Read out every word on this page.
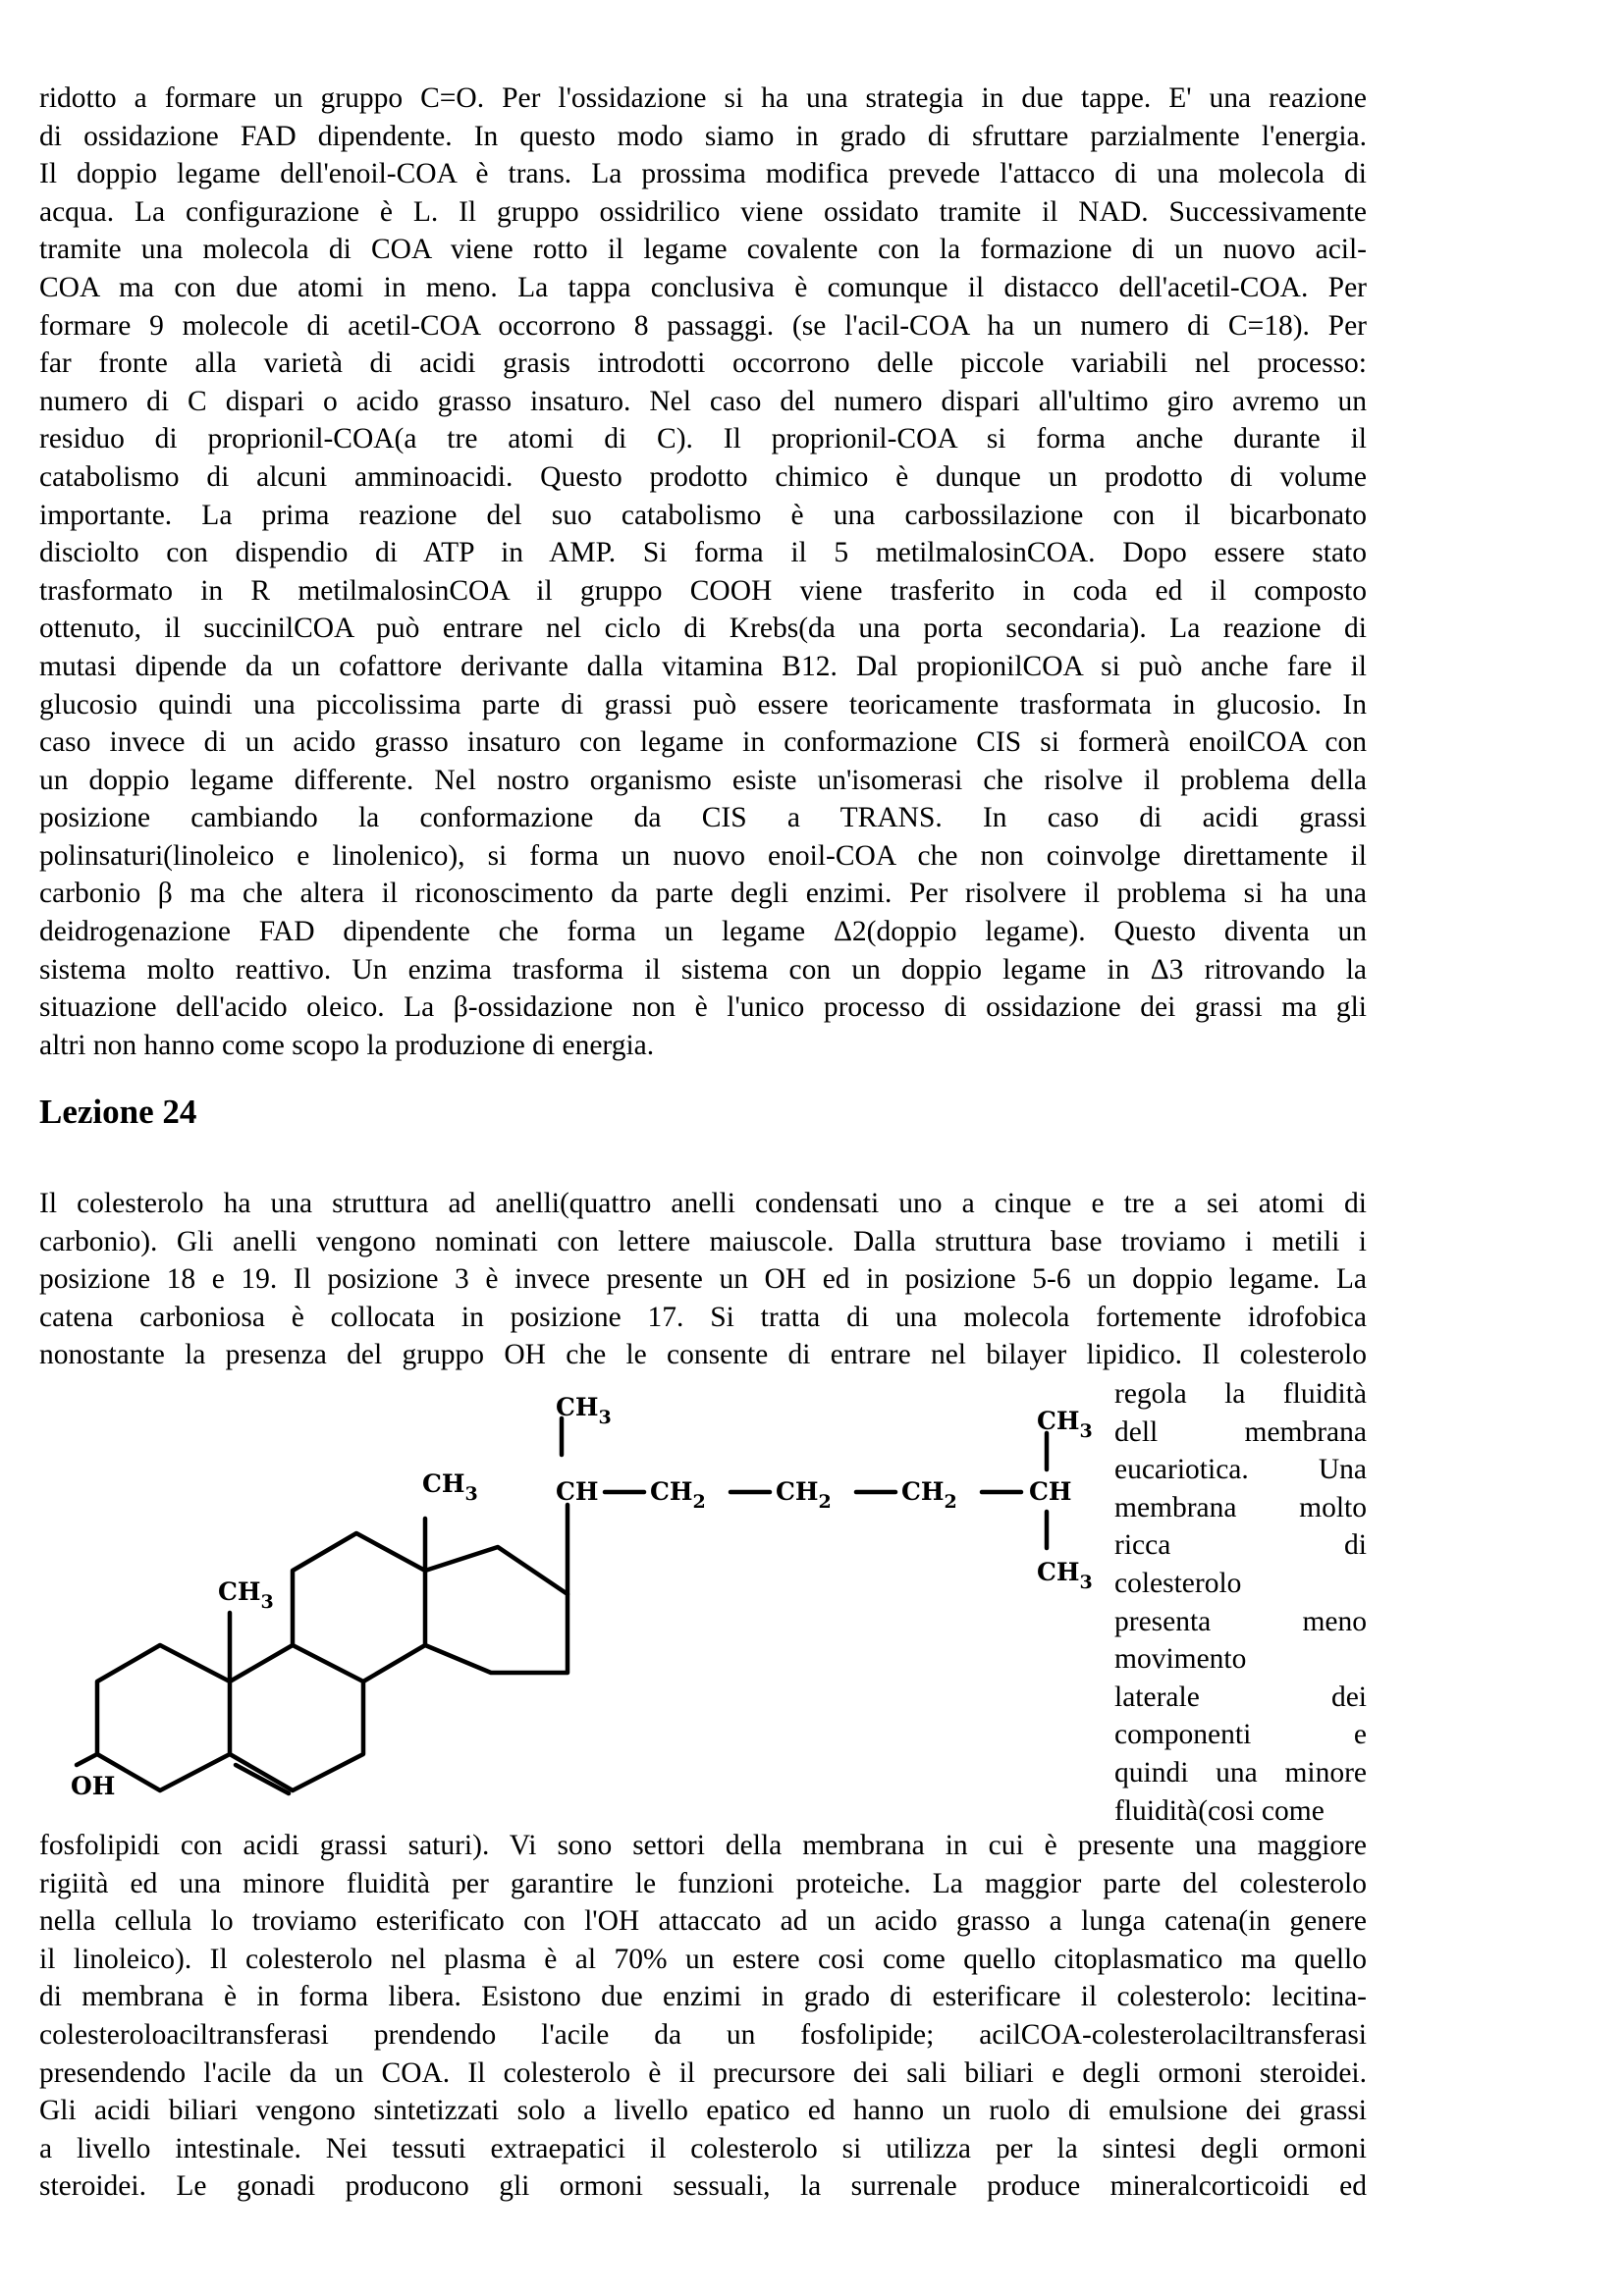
ridotto a formare un gruppo C=O. Per l'ossidazione si ha una strategia in due tappe. E' una reazione

di ossidazione FAD dipendente. In questo modo siamo in grado di sfruttare parzialmente l'energia.

Il doppio legame dell'enoil-COA è trans. La prossima modifica prevede l'attacco di una molecola di

acqua. La configurazione è L. Il gruppo ossidrilico viene ossidato tramite il NAD. Successivamente

tramite una molecola di COA viene rotto il legame covalente con la formazione di un nuovo acil-

COA ma con due atomi in meno. La tappa conclusiva è comunque il distacco dell'acetil-COA. Per

formare 9 molecole di acetil-COA occorrono 8 passaggi. (se l'acil-COA ha un numero di C=18). Per

far fronte alla varietà di acidi grasis introdotti occorrono delle piccole variabili nel processo:

numero di C dispari o acido grasso insaturo. Nel caso del numero dispari all'ultimo giro avremo un

residuo di proprionil-COA(a tre atomi di C). Il proprionil-COA si forma anche durante il

catabolismo di alcuni amminoacidi. Questo prodotto chimico è dunque un prodotto di volume

importante. La prima reazione del suo catabolismo è una carbossilazione con il bicarbonato

disciolto con dispendio di ATP in AMP. Si forma il 5 metilmalosinCOA. Dopo essere stato

trasformato in R metilmalosinCOA il gruppo COOH viene trasferito in coda ed il composto

ottenuto, il succinilCOA può entrare nel ciclo di Krebs(da una porta secondaria). La reazione di

mutasi dipende da un cofattore derivante dalla vitamina B12. Dal propionilCOA si può anche fare il

glucosio quindi una piccolissima parte di grassi può essere teoricamente trasformata in glucosio. In

caso invece di un acido grasso insaturo con legame in conformazione CIS si formerà enoilCOA con

un doppio legame differente. Nel nostro organismo esiste un'isomerasi che risolve il problema della

posizione cambiando la conformazione da CIS a TRANS. In caso di acidi grassi

polinsaturi(linoleico e linolenico), si forma un nuovo enoil-COA che non coinvolge direttamente il

carbonio β ma che altera il riconoscimento da parte degli enzimi. Per risolvere il problema si ha una

deidrogenazione FAD dipendente che forma un legame Δ2(doppio legame). Questo diventa un

sistema molto reattivo. Un enzima trasforma il sistema con un doppio legame in Δ3 ritrovando la

situazione dell'acido oleico. La β-ossidazione non è l'unico processo di ossidazione dei grassi ma gli

altri non hanno come scopo la produzione di energia.

Lezione 24

Il colesterolo ha una struttura ad anelli(quattro anelli condensati uno a cinque e tre a sei atomi di

carbonio). Gli anelli vengono nominati con lettere maiuscole. Dalla struttura base troviamo i metili i

posizione 18 e 19. Il posizione 3 è invece presente un OH ed in posizione 5-6 un doppio legame. La

catena carboniosa è collocata in posizione 17. Si tratta di una molecola fortemente idrofobica

nonostante la presenza del gruppo OH che le consente di entrare nel bilayer lipidico. Il colesterolo

$CH_3$
CH $CH_2$	$CH_2$	$CH_2$	CH
$CH_3$
$CH_3$
$CH_3$
$CH_3$
OH

regola la fluidità

dell membrana

eucariotica. Una

membrana molto

ricca di

colesterolo

presenta meno

movimento

laterale dei

componenti e

quindi una minore

fluidità(cosi come

fosfolipidi con acidi grassi saturi). Vi sono settori della membrana in cui è presente una maggiore

rigiità ed una minore fluidità per garantire le funzioni proteiche. La maggior parte del colesterolo

nella cellula lo troviamo esterificato con l'OH attaccato ad un acido grasso a lunga catena(in genere

il linoleico). Il colesterolo nel plasma è al 70% un estere cosi come quello citoplasmatico ma quello

di membrana è in forma libera. Esistono due enzimi in grado di esterificare il colesterolo: lecitina-

colesteroloaciltransferasi prendendo l'acile da un fosfolipide; acilCOA-colesterolaciltransferasi

presendendo l'acile da un COA. Il colesterolo è il precursore dei sali biliari e degli ormoni steroidei.

Gli acidi biliari vengono sintetizzati solo a livello epatico ed hanno un ruolo di emulsione dei grassi

a livello intestinale. Nei tessuti extraepatici il colesterolo si utilizza per la sintesi degli ormoni

steroidei. Le gonadi producono gli ormoni sessuali, la surrenale produce mineralcorticoidi ed
